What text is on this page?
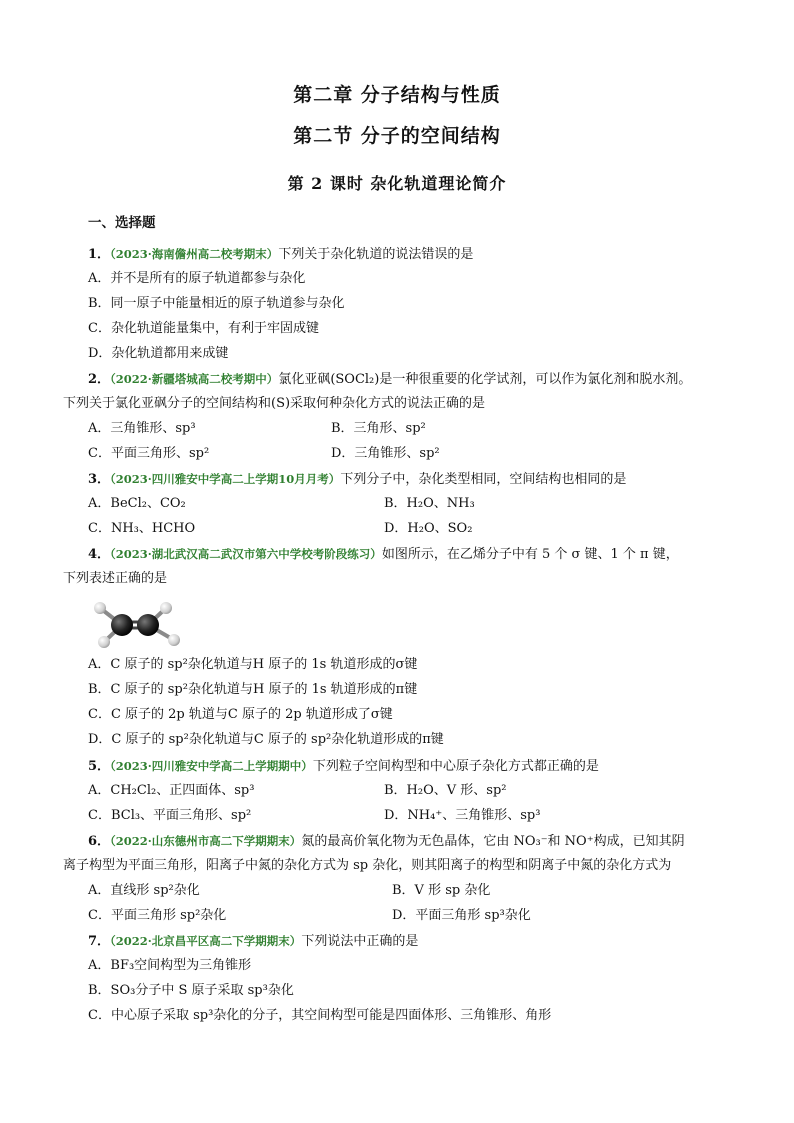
第二章 分子结构与性质
第二节 分子的空间结构
第 2 课时 杂化轨道理论简介
一、选择题
1．（2023·海南儋州高二校考期末）下列关于杂化轨道的说法错误的是
A．并不是所有的原子轨道都参与杂化
B．同一原子中能量相近的原子轨道参与杂化
C．杂化轨道能量集中，有利于牢固成键
D．杂化轨道都用来成键
2．（2022·新疆塔城高二校考期中）氯化亚砜(SOCl₂)是一种很重要的化学试剂，可以作为氯化剂和脱水剂。
下列关于氯化亚砜分子的空间结构和(S)采取何种杂化方式的说法正确的是
A．三角锥形、sp³	B．三角形、sp²
C．平面三角形、sp²	D．三角锥形、sp²
3．（2023·四川雅安中学高二上学期10月月考）下列分子中，杂化类型相同，空间结构也相同的是
A．BeCl₂、CO₂	B．H₂O、NH₃
C．NH₃、HCHO	D．H₂O、SO₂
4．（2023·湖北武汉高二武汉市第六中学校考阶段练习）如图所示，在乙烯分子中有 5 个 σ 键、1 个 π 键，
下列表述正确的是
A．C 原子的 sp²杂化轨道与H 原子的 1s 轨道形成的σ键
B．C 原子的 sp²杂化轨道与H 原子的 1s 轨道形成的π键
C．C 原子的 2p 轨道与C 原子的 2p 轨道形成了σ键
D．C 原子的 sp²杂化轨道与C 原子的 sp²杂化轨道形成的π键
5．（2023·四川雅安中学高二上学期期中）下列粒子空间构型和中心原子杂化方式都正确的是
A．CH₂Cl₂、正四面体、sp³	B．H₂O、V 形、sp²
C．BCl₃、平面三角形、sp²	D．NH₄⁺、三角锥形、sp³
6．（2022·山东德州市高二下学期期末）氮的最高价氧化物为无色晶体，它由 NO₃⁻和 NO⁺构成，已知其阴
离子构型为平面三角形，阳离子中氮的杂化方式为 sp 杂化，则其阳离子的构型和阴离子中氮的杂化方式为
A．直线形 sp²杂化	B．V 形 sp 杂化
C．平面三角形 sp²杂化	D．平面三角形 sp³杂化
7．（2022·北京昌平区高二下学期期末）下列说法中正确的是
A．BF₃空间构型为三角锥形
B．SO₃分子中 S 原子采取 sp³杂化
C．中心原子采取 sp³杂化的分子，其空间构型可能是四面体形、三角锥形、角形
